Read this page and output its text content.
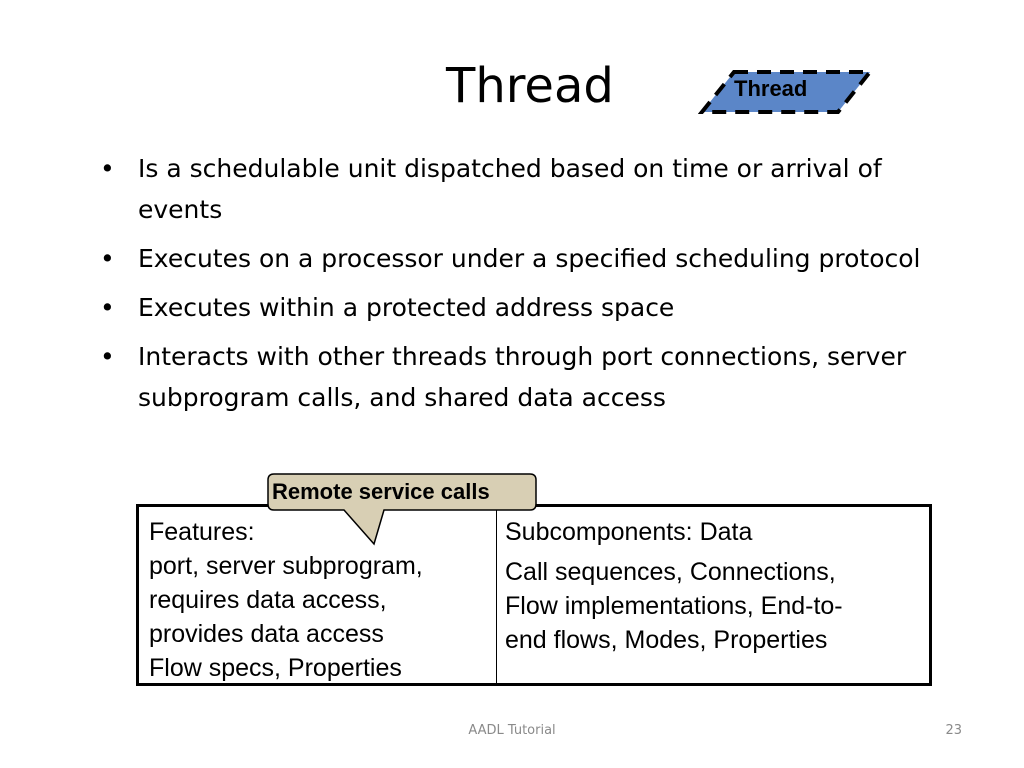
Thread	Thread
• Is a schedulable unit dispatched based on time or arrival of events
• Executes on a processor under a specified scheduling protocol
• Executes within a protected address space
• Interacts with other threads through port connections, server subprogram calls, and shared data access
Features:
port, server subprogram,
requires data access,
provides data access
Flow specs, Properties
Subcomponents: Data
Call sequences, Connections,
Flow implementations, End-to-
end flows, Modes, Properties
Remote service calls
AADL Tutorial	23
